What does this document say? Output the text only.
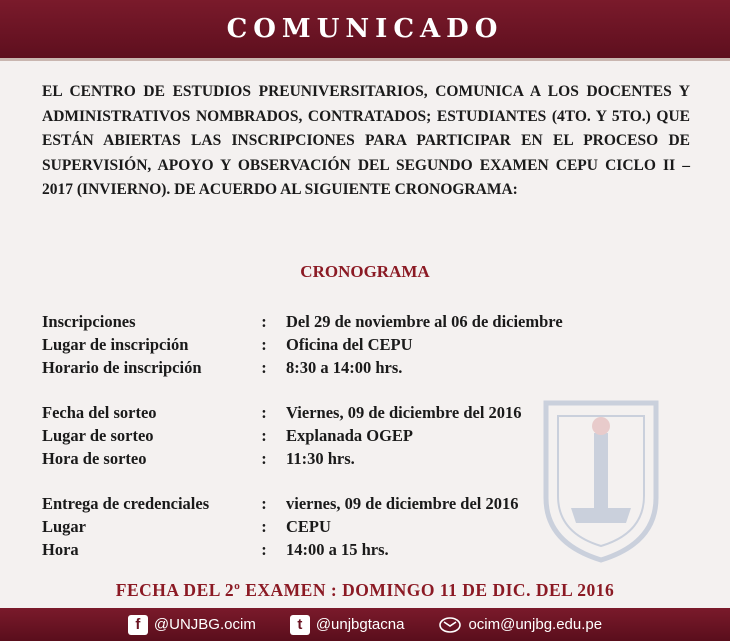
COMUNICADO
EL CENTRO DE ESTUDIOS PREUNIVERSITARIOS, COMUNICA A LOS DOCENTES Y ADMINISTRATIVOS NOMBRADOS, CONTRATADOS; ESTUDIANTES (4TO. Y 5TO.) QUE ESTÁN ABIERTAS LAS INSCRIPCIONES PARA PARTICIPAR EN EL PROCESO DE SUPERVISIÓN, APOYO Y OBSERVACIÓN DEL SEGUNDO EXAMEN CEPU CICLO II – 2017 (INVIERNO). DE ACUERDO AL SIGUIENTE CRONOGRAMA:
CRONOGRAMA
Inscripciones	:	Del 29 de noviembre al 06 de diciembre
Lugar de inscripción	:	Oficina del CEPU
Horario de inscripción	:	8:30 a 14:00 hrs.
Fecha del sorteo	:	Viernes, 09 de diciembre del 2016
Lugar de sorteo	:	Explanada OGEP
Hora de sorteo	:	11:30 hrs.
Entrega de credenciales	:	viernes, 09 de diciembre del 2016
Lugar	:	CEPU
Hora	:	14:00 a 15 hrs.
FECHA DEL 2º EXAMEN : DOMINGO 11 DE DIC. DEL 2016
f @UNJBG.ocim	t @unjbgtacna	ocim@unjbg.edu.pe
